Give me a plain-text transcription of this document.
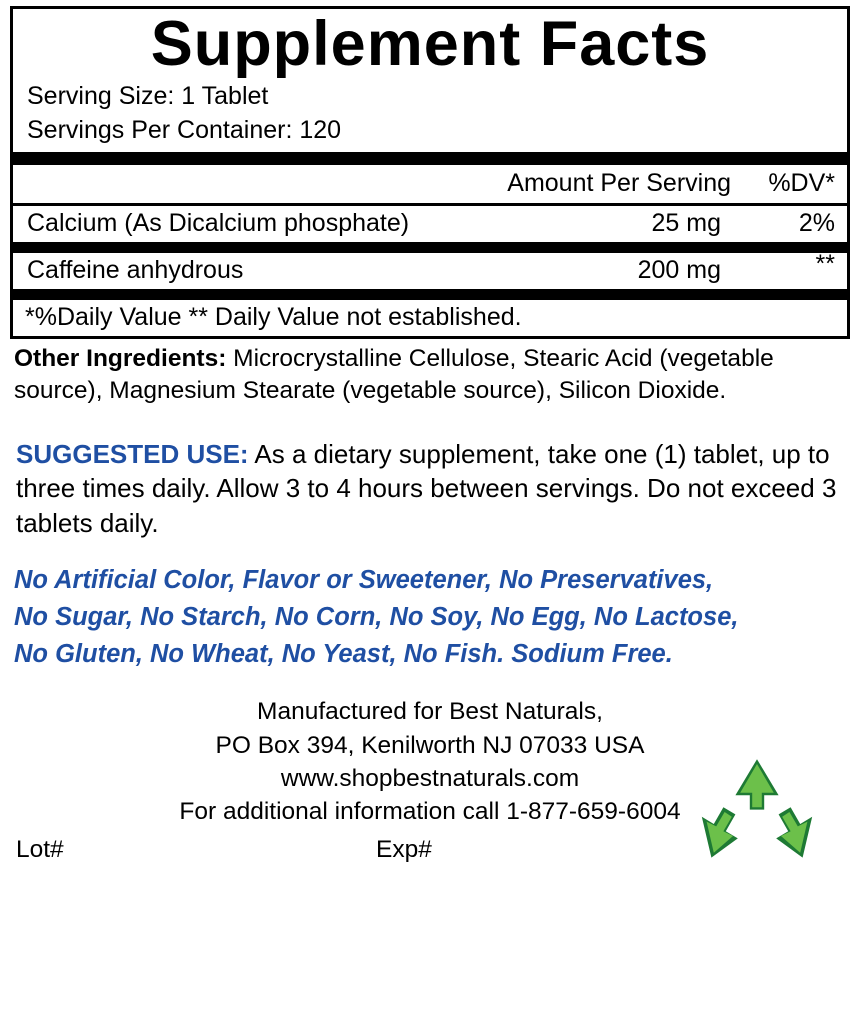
Supplement Facts
Serving Size: 1 Tablet
Servings Per Container: 120
Amount Per Serving	%DV*
Calcium (As Dicalcium phosphate)	25 mg	2%
Caffeine anhydrous	200 mg	**
*%Daily Value ** Daily Value not established.
Other Ingredients: Microcrystalline Cellulose, Stearic Acid (vegetable source), Magnesium Stearate (vegetable source), Silicon Dioxide.
SUGGESTED USE: As a dietary supplement, take one (1) tablet, up to three times daily. Allow 3 to 4 hours between servings. Do not exceed 3 tablets daily.
No Artificial Color, Flavor or Sweetener, No Preservatives,
No Sugar, No Starch, No Corn, No Soy, No Egg, No Lactose,
No Gluten, No Wheat, No Yeast, No Fish. Sodium Free.
Manufactured for Best Naturals,
PO Box 394, Kenilworth NJ 07033 USA
www.shopbestnaturals.com
For additional information call 1-877-659-6004
Lot#	Exp#
